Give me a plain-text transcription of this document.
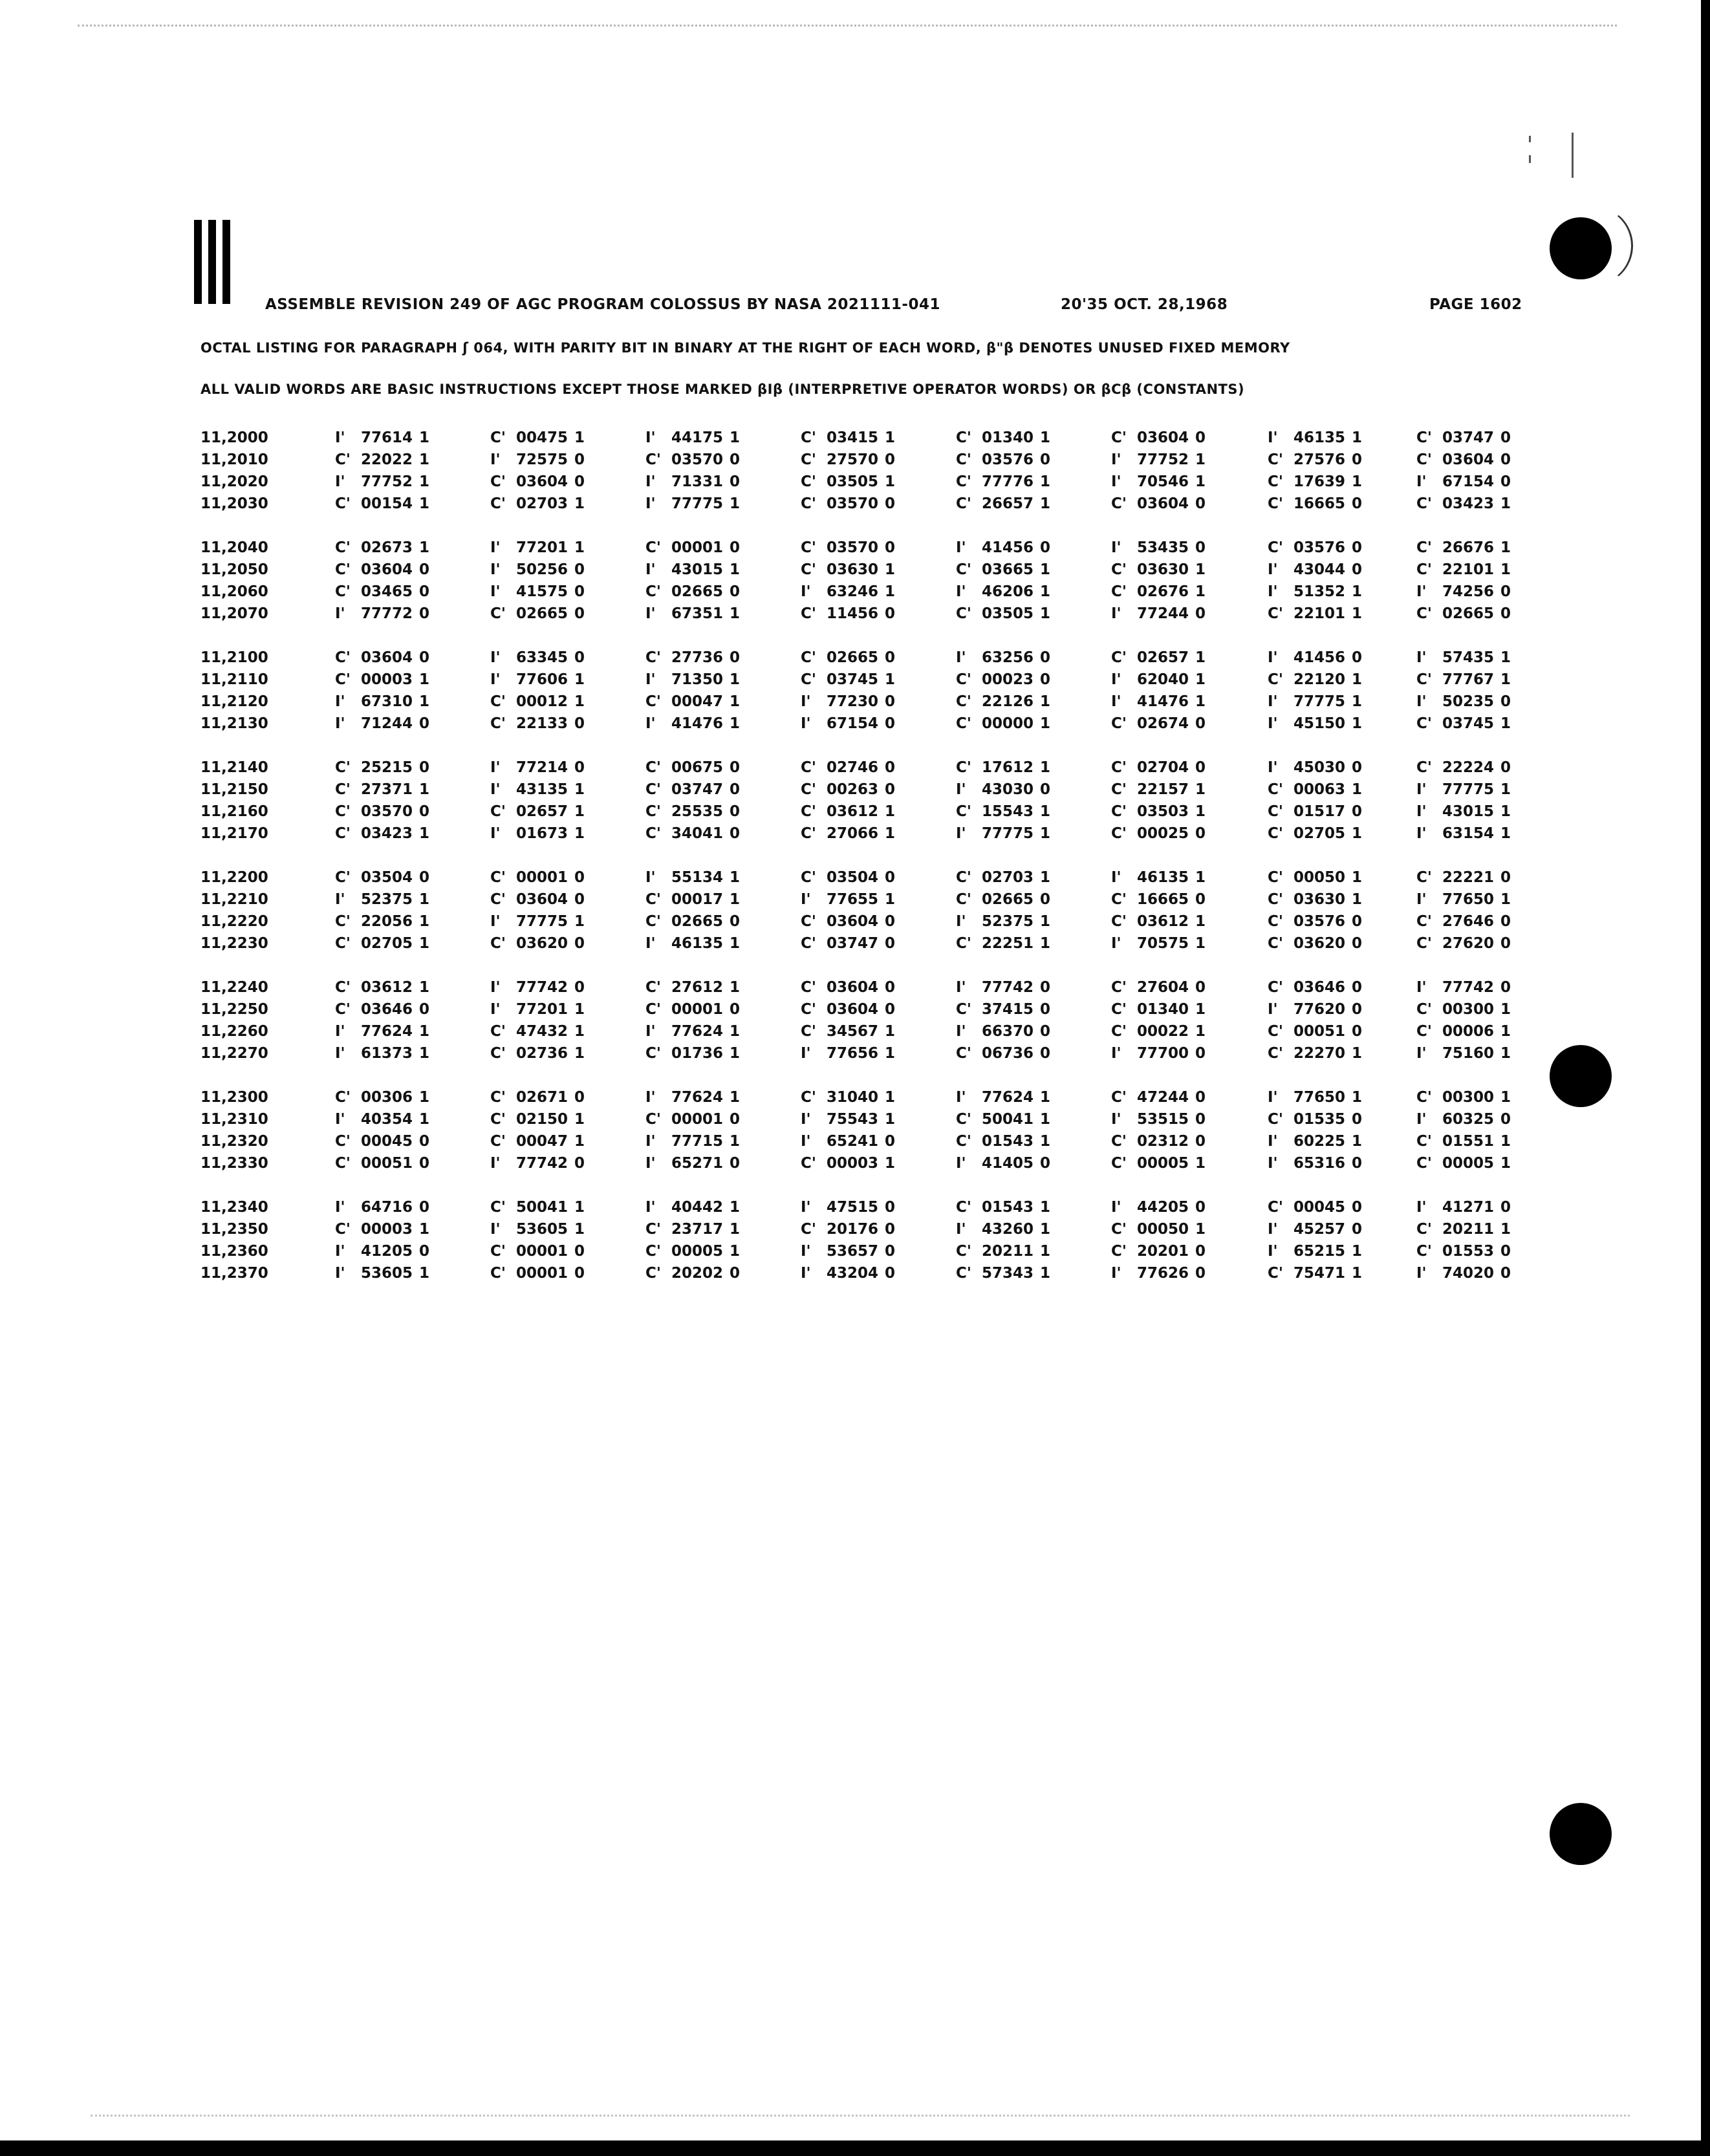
ASSEMBLE REVISION 249 OF AGC PROGRAM COLOSSUS BY NASA 2021111-041	20'35 OCT. 28,1968	PAGE 1602
OCTAL LISTING FOR PARAGRAPH ʃ 064, WITH PARITY BIT IN BINARY AT THE RIGHT OF EACH WORD, β"β DENOTES UNUSED FIXED MEMORY
ALL VALID WORDS ARE BASIC INSTRUCTIONS EXCEPT THOSE MARKED βIβ (INTERPRETIVE OPERATOR WORDS) OR βCβ (CONSTANTS)
11,2000	I' 77614 1	C' 00475 1	I' 44175 1	C' 03415 1	C' 01340 1	C' 03604 0	I' 46135 1	C' 03747 0
11,2010	C' 22022 1	I' 72575 0	C' 03570 0	C' 27570 0	C' 03576 0	I' 77752 1	C' 27576 0	C' 03604 0
11,2020	I' 77752 1	C' 03604 0	I' 71331 0	C' 03505 1	C' 77776 1	I' 70546 1	C' 17639 1	I' 67154 0
11,2030	C' 00154 1	C' 02703 1	I' 77775 1	C' 03570 0	C' 26657 1	C' 03604 0	C' 16665 0	C' 03423 1
11,2040	C' 02673 1	I' 77201 1	C' 00001 0	C' 03570 0	I' 41456 0	I' 53435 0	C' 03576 0	C' 26676 1
11,2050	C' 03604 0	I' 50256 0	I' 43015 1	C' 03630 1	C' 03665 1	C' 03630 1	I' 43044 0	C' 22101 1
11,2060	C' 03465 0	I' 41575 0	C' 02665 0	I' 63246 1	I' 46206 1	C' 02676 1	I' 51352 1	I' 74256 0
11,2070	I' 77772 0	C' 02665 0	I' 67351 1	C' 11456 0	C' 03505 1	I' 77244 0	C' 22101 1	C' 02665 0
11,2100	C' 03604 0	I' 63345 0	C' 27736 0	C' 02665 0	I' 63256 0	C' 02657 1	I' 41456 0	I' 57435 1
11,2110	C' 00003 1	I' 77606 1	I' 71350 1	C' 03745 1	C' 00023 0	I' 62040 1	C' 22120 1	C' 77767 1
11,2120	I' 67310 1	C' 00012 1	C' 00047 1	I' 77230 0	C' 22126 1	I' 41476 1	I' 77775 1	I' 50235 0
11,2130	I' 71244 0	C' 22133 0	I' 41476 1	I' 67154 0	C' 00000 1	C' 02674 0	I' 45150 1	C' 03745 1
11,2140	C' 25215 0	I' 77214 0	C' 00675 0	C' 02746 0	C' 17612 1	C' 02704 0	I' 45030 0	C' 22224 0
11,2150	C' 27371 1	I' 43135 1	C' 03747 0	C' 00263 0	I' 43030 0	C' 22157 1	C' 00063 1	I' 77775 1
11,2160	C' 03570 0	C' 02657 1	C' 25535 0	C' 03612 1	C' 15543 1	C' 03503 1	C' 01517 0	I' 43015 1
11,2170	C' 03423 1	I' 01673 1	C' 34041 0	C' 27066 1	I' 77775 1	C' 00025 0	C' 02705 1	I' 63154 1
11,2200	C' 03504 0	C' 00001 0	I' 55134 1	C' 03504 0	C' 02703 1	I' 46135 1	C' 00050 1	C' 22221 0
11,2210	I' 52375 1	C' 03604 0	C' 00017 1	I' 77655 1	C' 02665 0	C' 16665 0	C' 03630 1	I' 77650 1
11,2220	C' 22056 1	I' 77775 1	C' 02665 0	C' 03604 0	I' 52375 1	C' 03612 1	C' 03576 0	C' 27646 0
11,2230	C' 02705 1	C' 03620 0	I' 46135 1	C' 03747 0	C' 22251 1	I' 70575 1	C' 03620 0	C' 27620 0
11,2240	C' 03612 1	I' 77742 0	C' 27612 1	C' 03604 0	I' 77742 0	C' 27604 0	C' 03646 0	I' 77742 0
11,2250	C' 03646 0	I' 77201 1	C' 00001 0	C' 03604 0	C' 37415 0	C' 01340 1	I' 77620 0	C' 00300 1
11,2260	I' 77624 1	C' 47432 1	I' 77624 1	C' 34567 1	I' 66370 0	C' 00022 1	C' 00051 0	C' 00006 1
11,2270	I' 61373 1	C' 02736 1	C' 01736 1	I' 77656 1	C' 06736 0	I' 77700 0	C' 22270 1	I' 75160 1
11,2300	C' 00306 1	C' 02671 0	I' 77624 1	C' 31040 1	I' 77624 1	C' 47244 0	I' 77650 1	C' 00300 1
11,2310	I' 40354 1	C' 02150 1	C' 00001 0	I' 75543 1	C' 50041 1	I' 53515 0	C' 01535 0	I' 60325 0
11,2320	C' 00045 0	C' 00047 1	I' 77715 1	I' 65241 0	C' 01543 1	C' 02312 0	I' 60225 1	C' 01551 1
11,2330	C' 00051 0	I' 77742 0	I' 65271 0	C' 00003 1	I' 41405 0	C' 00005 1	I' 65316 0	C' 00005 1
11,2340	I' 64716 0	C' 50041 1	I' 40442 1	I' 47515 0	C' 01543 1	I' 44205 0	C' 00045 0	I' 41271 0
11,2350	C' 00003 1	I' 53605 1	C' 23717 1	C' 20176 0	I' 43260 1	C' 00050 1	I' 45257 0	C' 20211 1
11,2360	I' 41205 0	C' 00001 0	C' 00005 1	I' 53657 0	C' 20211 1	C' 20201 0	I' 65215 1	C' 01553 0
11,2370	I' 53605 1	C' 00001 0	C' 20202 0	I' 43204 0	C' 57343 1	I' 77626 0	C' 75471 1	I' 74020 0
